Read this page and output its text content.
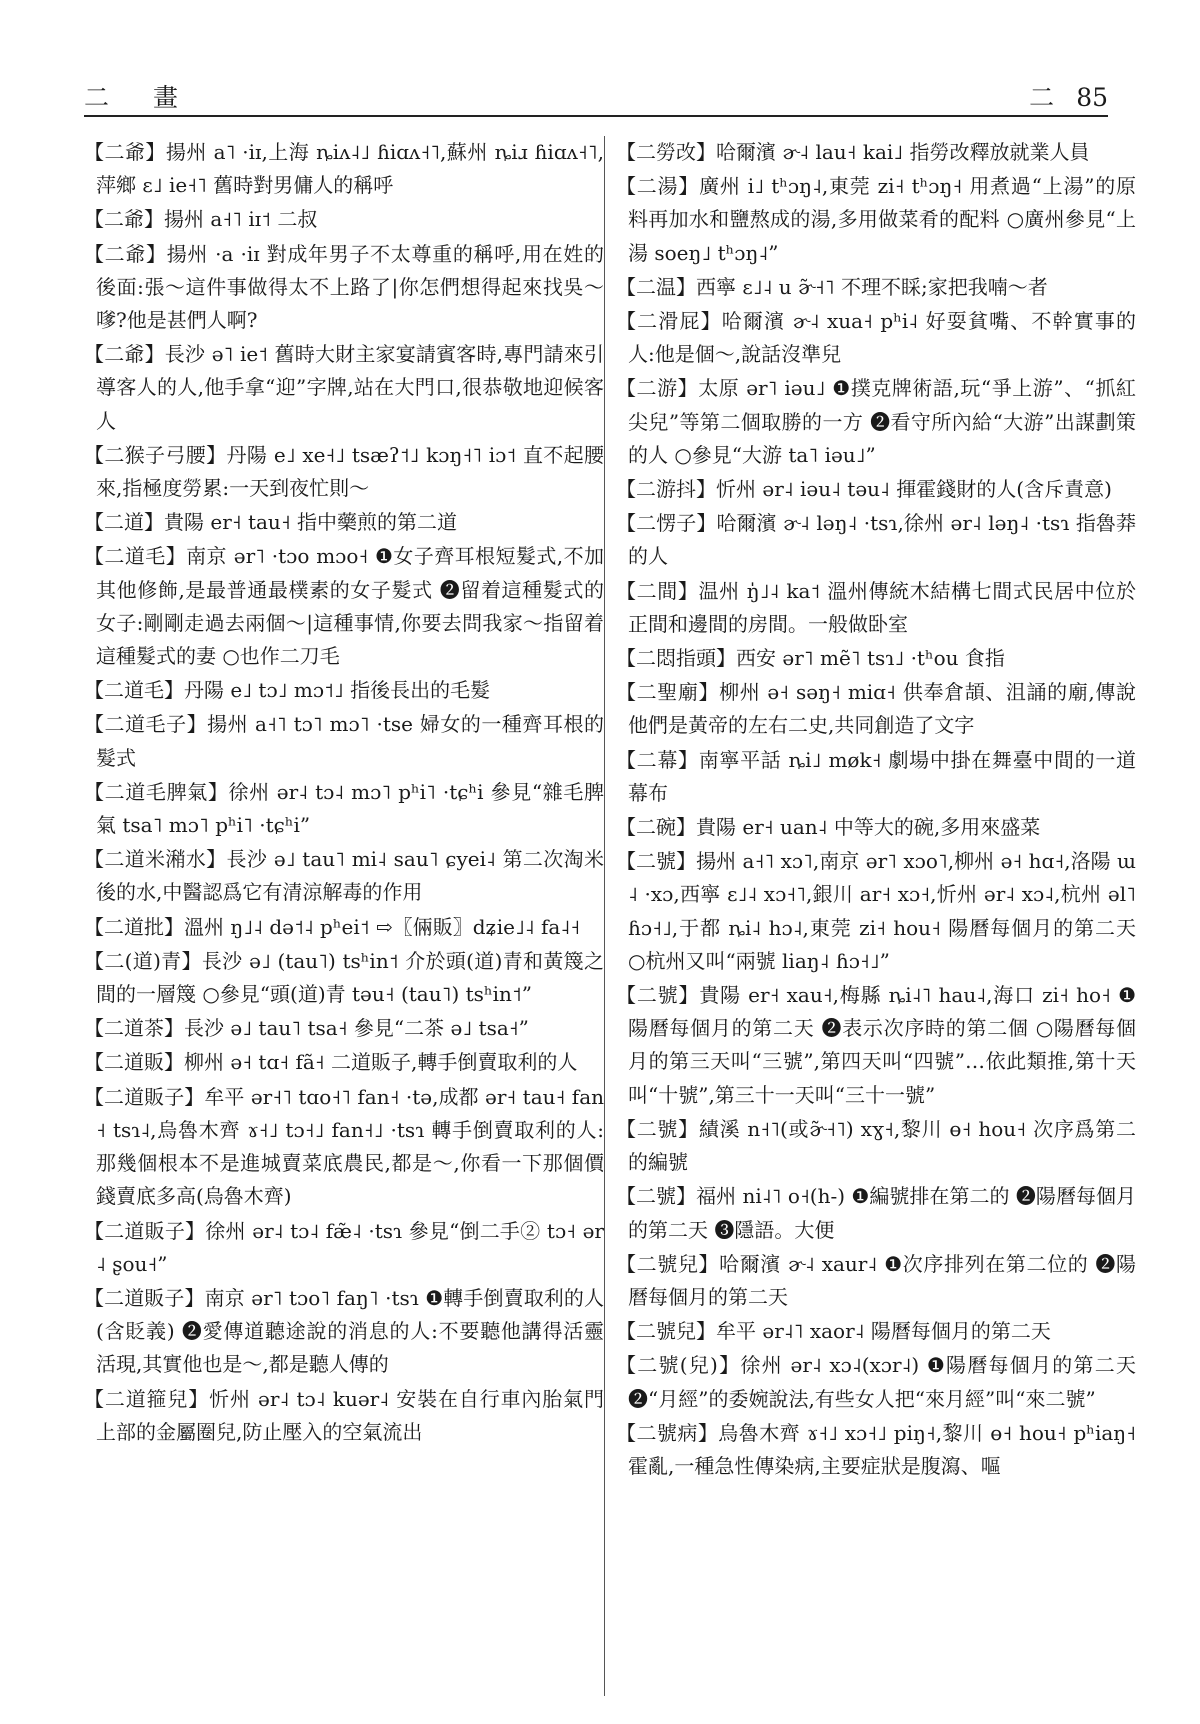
二 畫	二 85

【二爺】揚州 a˥ ·iɪ,上海 ȵiʌ˨˩ ɦiɑʌ˧˥,蘇州 ȵiɹ ɦiɑʌ˧˥,萍鄉 ɛ˩ ie˧˥ 舊時對男傭人的稱呼

【二爺】揚州 a˧˥ iɪ˦ 二叔

【二爺】揚州 ·a ·iɪ 對成年男子不太尊重的稱呼,用在姓的後面:張～這件事做得太不上路了|你怎們想得起來找吳～嗲?他是甚們人啊?

【二爺】長沙 ə˥ ie˦ 舊時大財主家宴請賓客時,專門請來引導客人的人,他手拿“迎”字牌,站在大門口,很恭敬地迎候客人

【二猴子弓腰】丹陽 e˩ xe˧˩ tsæʔ˦˩ kɔŋ˧˥ iɔ˦ 直不起腰來,指極度勞累:一天到夜忙則～

【二道】貴陽 er˧ tau˧ 指中藥煎的第二道

【二道毛】南京 ər˥ ·tɔo mɔo˧ ❶女子齊耳根短髮式,不加其他修飾,是最普通最樸素的女子髮式 ❷留着這種髮式的女子:剛剛走過去兩個～|這種事情,你要去問我家～指留着這種髮式的妻 ○也作二刀毛

【二道毛】丹陽 e˩ tɔ˩ mɔ˦˩ 指後長出的毛髮

【二道毛子】揚州 a˧˥ tɔ˥ mɔ˥ ·tse 婦女的一種齊耳根的髮式

【二道毛脾氣】徐州 ər˨ tɔ˨ mɔ˥ pʰi˥ ·tɕʰi 參見“雜毛脾氣 tsa˥ mɔ˥ pʰi˥ ·tɕʰi”

【二道米潲水】長沙 ə˩ tau˥ mi˨ sau˥ ɕyei˨ 第二次淘米後的水,中醫認爲它有清涼解毒的作用

【二道批】溫州 ŋ˩˨ də˦˨ pʰei˦ ⇨〖倆販〗dʑie˩˨ fa˨˧

【二(道)青】長沙 ə˩ (tau˥) tsʰin˦ 介於頭(道)青和黃篾之間的一層篾 ○參見“頭(道)青 təu˧ (tau˥) tsʰin˦”

【二道茶】長沙 ə˩ tau˥ tsa˧ 參見“二茶 ə˩ tsa˧”

【二道販】柳州 ə˧ tɑ˧ fã˧ 二道販子,轉手倒賣取利的人

【二道販子】牟平 ər˧˥ tɑo˧˥ fan˧ ·tə,成都 ər˧ tau˧ fan˧ tsɿ˨,烏魯木齊 ɤ˧˩ tɔ˧˩ fan˧˩ ·tsɿ 轉手倒賣取利的人:那幾個根本不是進城賣菜底農民,都是～,你看一下那個價錢賣底多高(烏魯木齊)

【二道販子】徐州 ər˨ tɔ˨ fæ̃˨ ·tsɿ 參見“倒二手② tɔ˧ ər˨ ʂou˧”

【二道販子】南京 ər˥ tɔo˥ faŋ˥ ·tsɿ ❶轉手倒賣取利的人(含貶義) ❷愛傳道聽途說的消息的人:不要聽他講得活靈活現,其實他也是～,都是聽人傳的

【二道箍兒】忻州 ər˨ tɔ˨ kuər˨ 安裝在自行車內胎氣門上部的金屬圈兒,防止壓入的空氣流出

【二勞改】哈爾濱 ɚ˨ lau˧ kai˩ 指勞改釋放就業人員

【二湯】廣州 i˩ tʰɔŋ˨,東莞 zi˧ tʰɔŋ˧ 用煮過“上湯”的原料再加水和鹽熬成的湯,多用做菜肴的配料 ○廣州參見“上湯 soeŋ˩ tʰɔŋ˨”

【二温】西寧 ɛ˩˨ u ɚ̃˧˥ 不理不睬;家把我喃～者

【二滑屁】哈爾濱 ɚ˨ xua˧ pʰi˨ 好耍貧嘴、不幹實事的人:他是個～,說話沒準兒

【二游】太原 ər˥ iəu˩ ❶撲克牌術語,玩“爭上游”、“抓紅尖兒”等第二個取勝的一方 ❷看守所內給“大游”出謀劃策的人 ○參見“大游 ta˥ iəu˩”

【二游抖】忻州 ər˨ iəu˨ təu˨ 揮霍錢財的人(含斥責意)

【二愣子】哈爾濱 ɚ˨ ləŋ˨ ·tsɿ,徐州 ər˨ ləŋ˨ ·tsɿ 指魯莽的人

【二間】温州 ŋ̍˩˨ ka˦ 溫州傳統木結構七間式民居中位於正間和邊間的房間。一般做卧室

【二悶指頭】西安 ər˥ mẽ˥ tsɿ˩ ·tʰou 食指

【二聖廟】柳州 ə˧ səŋ˧ miɑ˧ 供奉倉頡、沮誦的廟,傳說他們是黃帝的左右二史,共同創造了文字

【二幕】南寧平話 ȵi˩ møk˧ 劇場中掛在舞臺中間的一道幕布

【二碗】貴陽 er˧ uan˨ 中等大的碗,多用來盛菜

【二號】揚州 a˧˥ xɔ˥,南京 ər˥ xɔo˥,柳州 ə˧ hɑ˧,洛陽 ɯ˨ ·xɔ,西寧 ɛ˩˨ xɔ˧˥,銀川 ar˧ xɔ˧,忻州 ər˨ xɔ˨,杭州 əl˥ ɦɔ˧˩,于都 ȵi˨ hɔ˨,東莞 zi˧ hou˧ 陽曆每個月的第二天 ○杭州又叫“兩號 liaŋ˨ ɦɔ˧˩”

【二號】貴陽 er˧ xau˧,梅縣 ȵi˨˥ hau˨,海口 zi˧ ho˧ ❶陽曆每個月的第二天 ❷表示次序時的第二個 ○陽曆每個月的第三天叫“三號”,第四天叫“四號”…依此類推,第十天叫“十號”,第三十一天叫“三十一號”

【二號】績溪 n˧˥(或ɚ̃˧˥) xɣ˧,黎川 ɵ˧ hou˧ 次序爲第二的編號

【二號】福州 ni˨˥ o˧(h-) ❶編號排在第二的 ❷陽曆每個月的第二天 ❸隱語。大便

【二號兒】哈爾濱 ɚ˨ xaur˨ ❶次序排列在第二位的 ❷陽曆每個月的第二天

【二號兒】牟平 ər˨˥ xaor˨ 陽曆每個月的第二天

【二號(兒)】徐州 ər˨ xɔ˨(xɔr˨) ❶陽曆每個月的第二天 ❷“月經”的委婉說法,有些女人把“來月經”叫“來二號”

【二號病】烏魯木齊 ɤ˧˩ xɔ˧˩ piŋ˧,黎川 ɵ˧ hou˧ pʰiaŋ˧ 霍亂,一種急性傳染病,主要症狀是腹瀉、嘔
